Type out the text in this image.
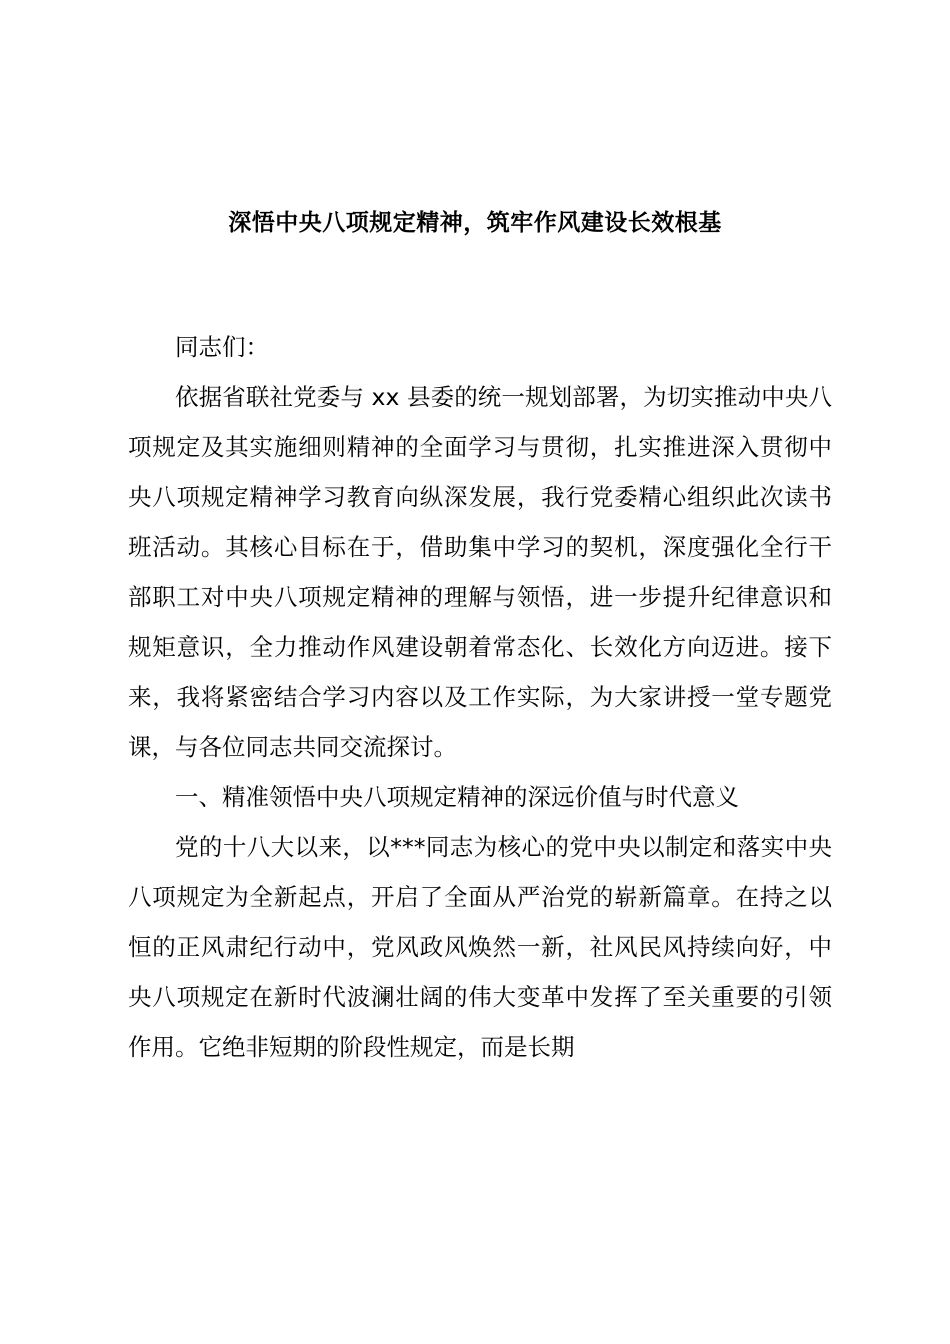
深悟中央八项规定精神，筑牢作风建设长效根基

同志们：

依据省联社党委与 xx 县委的统一规划部署，为切实推动中央八项规定及其实施细则精神的全面学习与贯彻，扎实推进深入贯彻中央八项规定精神学习教育向纵深发展，我行党委精心组织此次读书班活动。其核心目标在于，借助集中学习的契机，深度强化全行干部职工对中央八项规定精神的理解与领悟，进一步提升纪律意识和规矩意识，全力推动作风建设朝着常态化、长效化方向迈进。接下来，我将紧密结合学习内容以及工作实际，为大家讲授一堂专题党课，与各位同志共同交流探讨。

一、精准领悟中央八项规定精神的深远价值与时代意义

党的十八大以来，以***同志为核心的党中央以制定和落实中央八项规定为全新起点，开启了全面从严治党的崭新篇章。在持之以恒的正风肃纪行动中，党风政风焕然一新，社风民风持续向好，中央八项规定在新时代波澜壮阔的伟大变革中发挥了至关重要的引领作用。它绝非短期的阶段性规定，而是长期
